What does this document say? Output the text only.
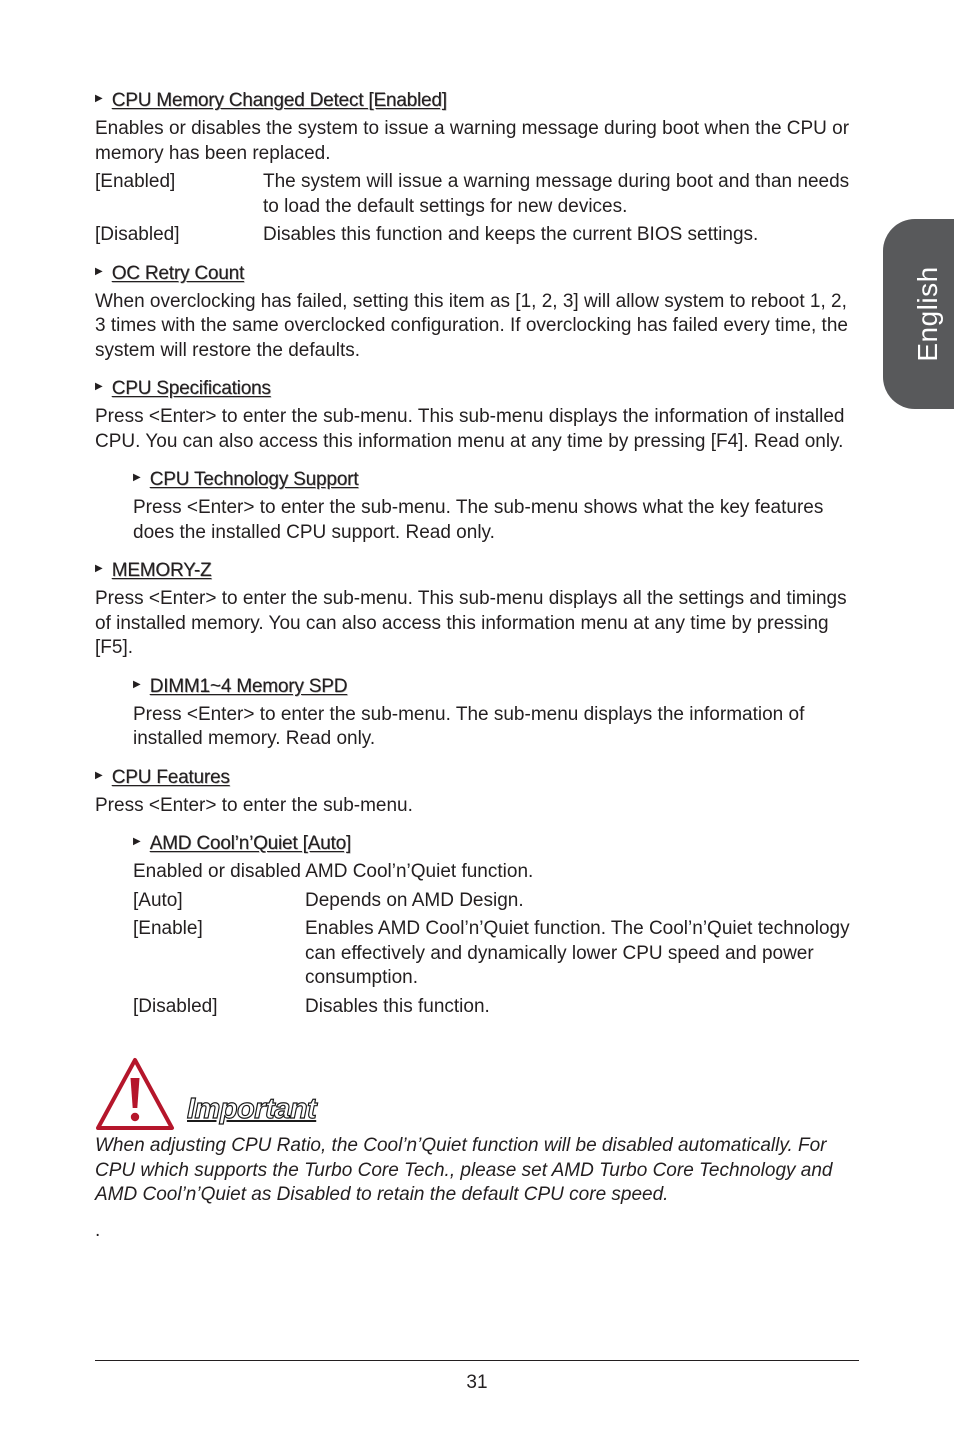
English
▶ CPU Memory Changed Detect [Enabled]

Enables or disables the system to issue a warning message during boot when the CPU or memory has been replaced.

[Enabled]	The system will issue a warning message during boot and than needs to load the default settings for new devices.
[Disabled]	Disables this function and keeps the current BIOS settings.
▶ OC Retry Count

When overclocking has failed, setting this item as [1, 2, 3] will allow system to reboot 1, 2, 3 times with the same overclocked configuration. If overclocking has failed every time, the system will restore the defaults.

▶ CPU Specifications

Press <Enter> to enter the sub-menu. This sub-menu displays the information of installed CPU. You can also access this information menu at any time by pressing [F4]. Read only.

▶ CPU Technology Support

Press <Enter> to enter the sub-menu. The sub-menu shows what the key features does the installed CPU support. Read only.

▶ MEMORY-Z

Press <Enter> to enter the sub-menu. This sub-menu displays all the settings and timings of installed memory. You can also access this information menu at any time by pressing [F5].

▶ DIMM1~4 Memory SPD

Press <Enter> to enter the sub-menu. The sub-menu displays the information of installed memory. Read only.

▶ CPU Features

Press <Enter> to enter the sub-menu.

▶ AMD Cool’n’Quiet [Auto]

Enabled or disabled AMD Cool’n’Quiet function.

[Auto]	Depends on AMD Design.
[Enable]	Enables AMD Cool’n’Quiet function. The Cool’n’Quiet technology can effectively and dynamically lower CPU speed and power consumption.
[Disabled]	Disables this function.
Important
When adjusting CPU Ratio, the Cool’n’Quiet function will be disabled automatically. For CPU which supports the Turbo Core Tech., please set AMD Turbo Core Technology and AMD Cool’n’Quiet as Disabled to retain the default CPU core speed.
.
31
